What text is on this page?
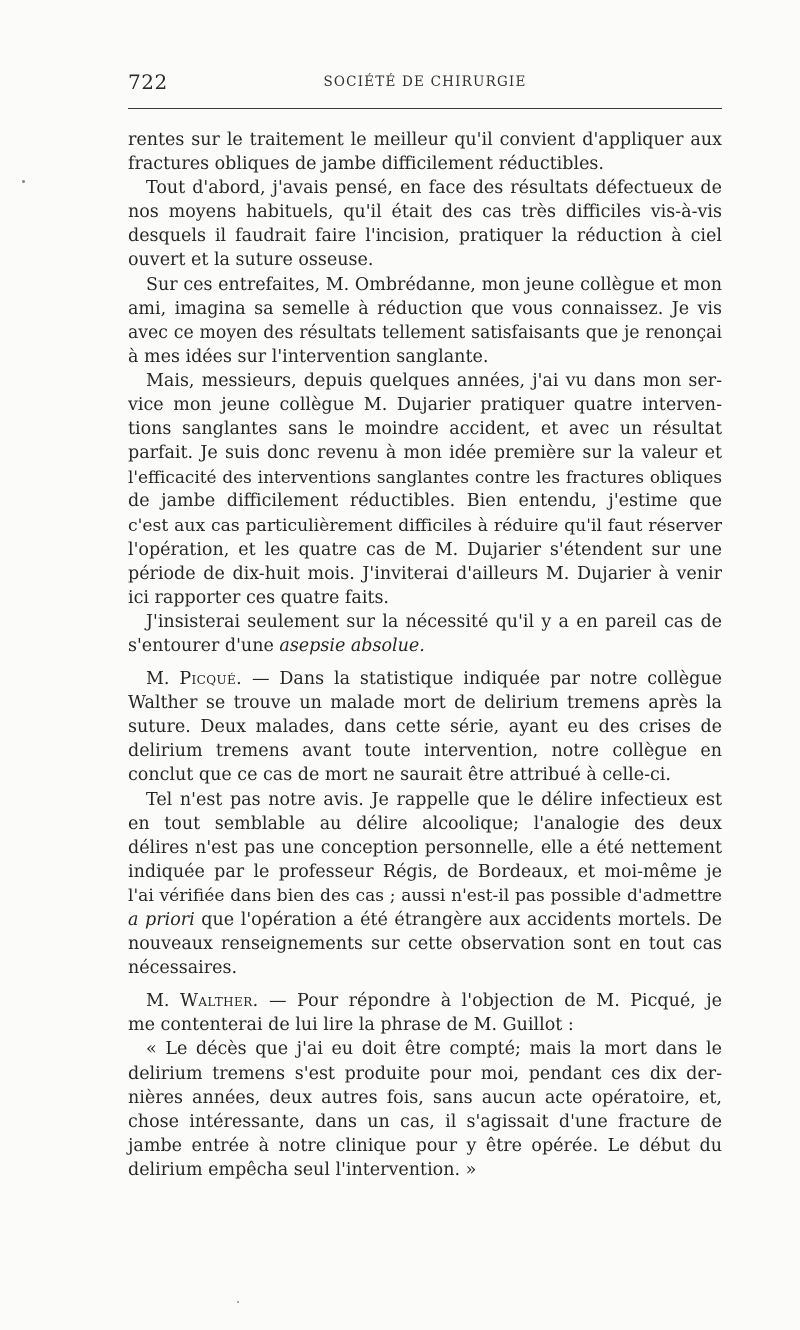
722	SOCIÉTÉ DE CHIRURGIE
rentes sur le traitement le meilleur qu'il convient d'appliquer aux
fractures obliques de jambe difficilement réductibles.
Tout d'abord, j'avais pensé, en face des résultats défectueux de
nos moyens habituels, qu'il était des cas très difficiles vis-à-vis
desquels il faudrait faire l'incision, pratiquer la réduction à ciel
ouvert et la suture osseuse.
Sur ces entrefaites, M. Ombrédanne, mon jeune collègue et mon
ami, imagina sa semelle à réduction que vous connaissez. Je vis
avec ce moyen des résultats tellement satisfaisants que je renonçai
à mes idées sur l'intervention sanglante.
Mais, messieurs, depuis quelques années, j'ai vu dans mon ser-
vice mon jeune collègue M. Dujarier pratiquer quatre interven-
tions sanglantes sans le moindre accident, et avec un résultat
parfait. Je suis donc revenu à mon idée première sur la valeur et
l'efficacité des interventions sanglantes contre les fractures obliques
de jambe difficilement réductibles. Bien entendu, j'estime que
c'est aux cas particulièrement difficiles à réduire qu'il faut réserver
l'opération, et les quatre cas de M. Dujarier s'étendent sur une
période de dix-huit mois. J'inviterai d'ailleurs M. Dujarier à venir
ici rapporter ces quatre faits.
J'insisterai seulement sur la nécessité qu'il y a en pareil cas de
s'entourer d'une asepsie absolue.
M. Picqué. — Dans la statistique indiquée par notre collègue
Walther se trouve un malade mort de delirium tremens après la
suture. Deux malades, dans cette série, ayant eu des crises de
delirium tremens avant toute intervention, notre collègue en
conclut que ce cas de mort ne saurait être attribué à celle-ci.
Tel n'est pas notre avis. Je rappelle que le délire infectieux est
en tout semblable au délire alcoolique; l'analogie des deux
délires n'est pas une conception personnelle, elle a été nettement
indiquée par le professeur Régis, de Bordeaux, et moi-même je
l'ai vérifiée dans bien des cas ; aussi n'est-il pas possible d'admettre
a priori que l'opération a été étrangère aux accidents mortels. De
nouveaux renseignements sur cette observation sont en tout cas
nécessaires.
M. Walther. — Pour répondre à l'objection de M. Picqué, je
me contenterai de lui lire la phrase de M. Guillot :
« Le décès que j'ai eu doit être compté; mais la mort dans le
delirium tremens s'est produite pour moi, pendant ces dix der-
nières années, deux autres fois, sans aucun acte opératoire, et,
chose intéressante, dans un cas, il s'agissait d'une fracture de
jambe entrée à notre clinique pour y être opérée. Le début du
delirium empêcha seul l'intervention. »
